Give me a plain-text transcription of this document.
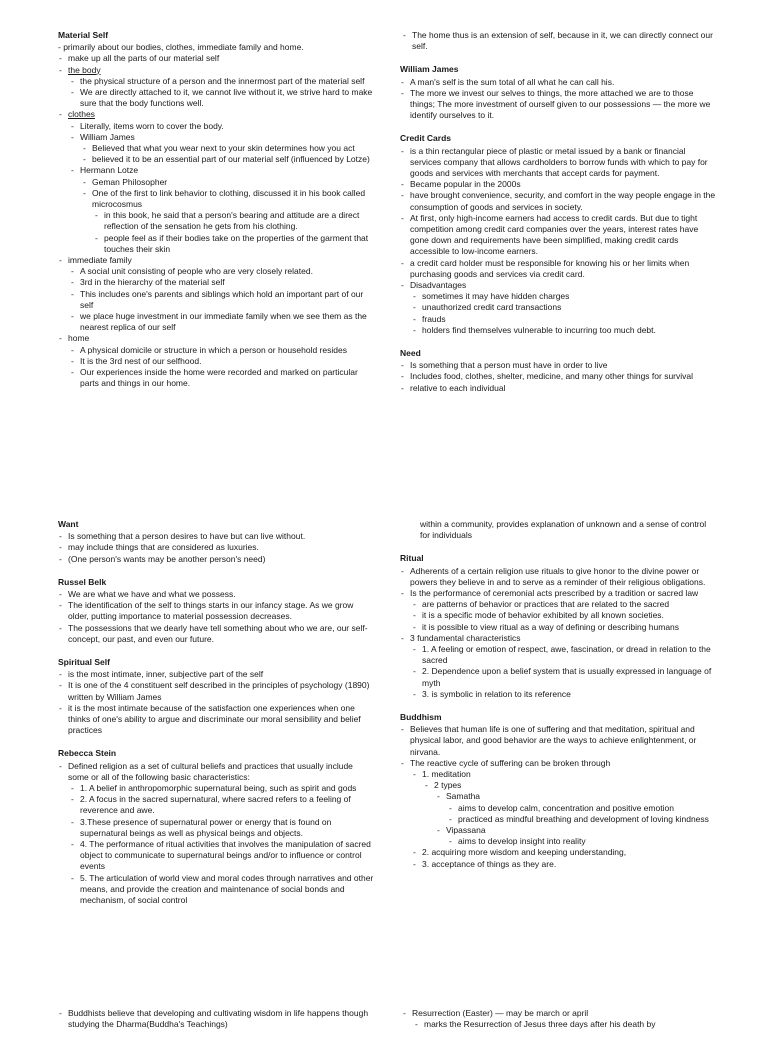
Material Self
- primarily about our bodies, clothes, immediate family and home.
- make up all the parts of our material self
- the body
- the physical structure of a person and the innermost part of the material self
- We are directly attached to it, we cannot live without it, we strive hard to make sure that the body functions well.
- clothes
- Literally, items worn to cover the body.
- William James
- Believed that what you wear next to your skin determines how you act
- believed it to be an essential part of our material self (influenced by Lotze)
- Hermann Lotze
- Geman Philosopher
- One of the first to link behavior to clothing, discussed it in his book called microcosmus
- in this book, he said that a person's bearing and attitude are a direct reflection of the sensation he gets from his clothing.
- people feel as if their bodies take on the properties of the garment that touches their skin
- immediate family
- A social unit consisting of people who are very closely related.
- 3rd in the hierarchy of the material self
- This includes one's parents and siblings which hold an important part of our self
- we place huge investment in our immediate family when we see them as the nearest replica of our self
- home
- A physical domicile or structure in which a person or household resides
- It is the 3rd nest of our selfhood.
- Our experiences inside the home were recorded and marked on particular parts and things in our home.
- The home thus is an extension of self, because in it, we can directly connect our self.
William James
- A man's self is the sum total of all what he can call his.
- The more we invest our selves to things, the more attached we are to those things; The more investment of ourself given to our possessions — the more we identify ourselves to it.
Credit Cards
- is a thin rectangular piece of plastic or metal issued by a bank or financial services company that allows cardholders to borrow funds with which to pay for goods and services with merchants that accept cards for payment.
- Became popular in the 2000s
- have brought convenience, security, and comfort in the way people engage in the consumption of goods and services in society.
- At first, only high-income earners had access to credit cards. But due to tight competition among credit card companies over the years, interest rates have gone down and requirements have been simplified, making credit cards accessible to low-income earners.
- a credit card holder must be responsible for knowing his or her limits when purchasing goods and services via credit card.
- Disadvantages
- sometimes it may have hidden charges
- unauthorized credit card transactions
- frauds
- holders find themselves vulnerable to incurring too much debt.
Need
- Is something that a person must have in order to live
- Includes food, clothes, shelter, medicine, and many other things for survival
- relative to each individual
Want
- Is something that a person desires to have but can live without.
- may include things that are considered as luxuries.
- (One person's wants may be another person's need)
Russel Belk
- We are what we have and what we possess.
- The identification of the self to things starts in our infancy stage. As we grow older, putting importance to material possession decreases.
- The possessions that we dearly have tell something about who we are, our self-concept, our past, and even our future.
Spiritual Self
- is the most intimate, inner, subjective part of the self
- It is one of the 4 constituent self described in the principles of psychology (1890) written by William James
- it is the most intimate because of the satisfaction one experiences when one thinks of one's ability to argue and discriminate our moral sensibility and belief practices
Rebecca Stein
- Defined religion as a set of cultural beliefs and practices that usually include some or all of the following basic characteristics:
- 1. A belief in anthropomorphic supernatural being, such as spirit and gods
- 2. A focus in the sacred supernatural, where sacred refers to a feeling of reverence and awe.
- 3.These presence of supernatural power or energy that is found on supernatural beings as well as physical beings and objects.
- 4. The performance of ritual activities that involves the manipulation of sacred object to communicate to supernatural beings and/or to influence or control events
- 5. The articulation of world view and moral codes through narratives and other means, and provide the creation and maintenance of social bonds and mechanism, of social control
within a community, provides explanation of unknown and a sense of control for individuals
Ritual
- Adherents of a certain religion use rituals to give honor to the divine power or powers they believe in and to serve as a reminder of their religious obligations.
- Is the performance of ceremonial acts prescribed by a tradition or sacred law
- are patterns of behavior or practices that are related to the sacred
- it is a specific mode of behavior exhibited by all known societies.
- it is possible to view ritual as a way of defining or describing humans
- 3 fundamental characteristics
- 1. A feeling or emotion of respect, awe, fascination, or dread in relation to the sacred
- 2. Dependence upon a belief system that is usually expressed in language of myth
- 3. is symbolic in relation to its reference
Buddhism
- Believes that human life is one of suffering and that meditation, spiritual and physical labor, and good behavior are the ways to achieve enlightenment, or nirvana.
- The reactive cycle of suffering can be broken through
- 1. meditation
- 2 types
- Samatha
- aims to develop calm, concentration and positive emotion
- practiced as mindful breathing and development of loving kindness
- Vipassana
- aims to develop insight into reality
- 2. acquiring more wisdom and keeping understanding,
- 3. acceptance of things as they are.
- Buddhists believe that developing and cultivating wisdom in life happens though studying the Dharma(Buddha's Teachings)
- Resurrection (Easter) — may be march or april
- marks the Resurrection of Jesus three days after his death by
